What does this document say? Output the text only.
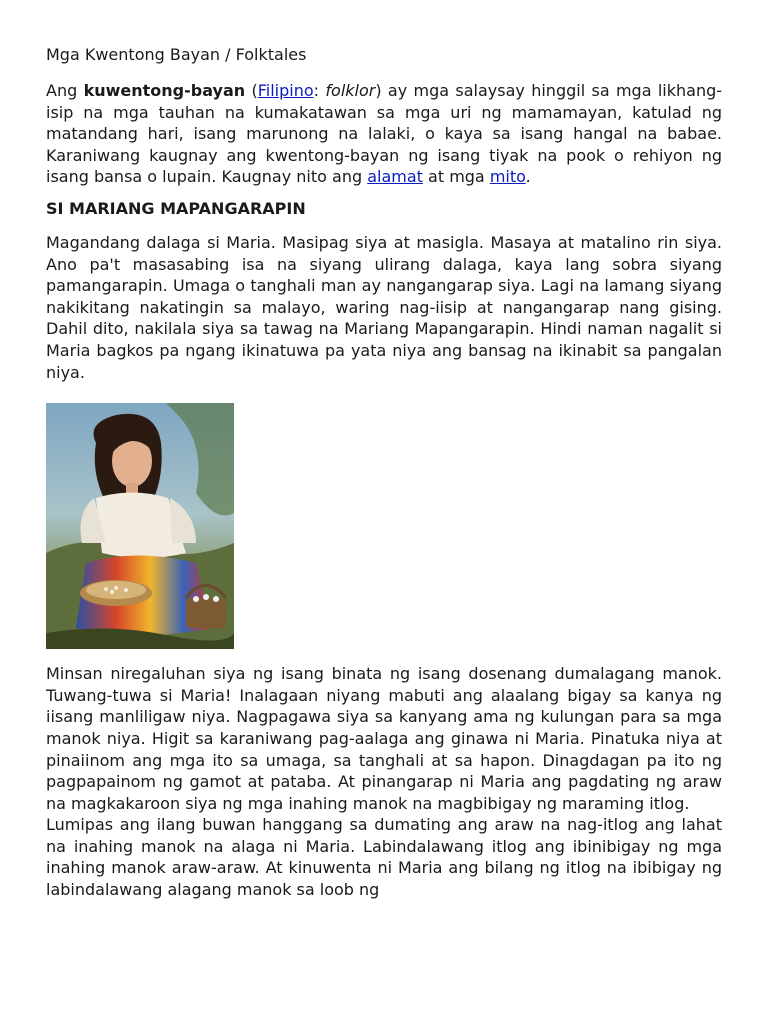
Mga Kwentong Bayan / Folktales

Ang kuwentong-bayan (Filipino: folklor) ay mga salaysay hinggil sa mga likhang-isip na mga tauhan na kumakatawan sa mga uri ng mamamayan, katulad ng matandang hari, isang marunong na lalaki, o kaya sa isang hangal na babae. Karaniwang kaugnay ang kwentong-bayan ng isang tiyak na pook o rehiyon ng isang bansa o lupain. Kaugnay nito ang alamat at mga mito.

SI MARIANG MAPANGARAPIN

Magandang dalaga si Maria. Masipag siya at masigla. Masaya at matalino rin siya. Ano pa't masasabing isa na siyang ulirang dalaga, kaya lang sobra siyang pamangarapin. Umaga o tanghali man ay nangangarap siya. Lagi na lamang siyang nakikitang nakatingin sa malayo, waring nag-iisip at nangangarap nang gising. Dahil dito, nakilala siya sa tawag na Mariang Mapangarapin. Hindi naman nagalit si Maria bagkos pa ngang ikinatuwa pa yata niya ang bansag na ikinabit sa pangalan niya.

Minsan niregaluhan siya ng isang binata ng isang dosenang dumalagang manok. Tuwang-tuwa si Maria! Inalagaan niyang mabuti ang alaalang bigay sa kanya ng iisang manliligaw niya. Nagpagawa siya sa kanyang ama ng kulungan para sa mga manok niya. Higit sa karaniwang pag-aalaga ang ginawa ni Maria. Pinatuka niya at pinaiinom ang mga ito sa umaga, sa tanghali at sa hapon. Dinagdagan pa ito ng pagpapainom ng gamot at pataba. At pinangarap ni Maria ang pagdating ng araw na magkakaroon siya ng mga inahing manok na magbibigay ng maraming itlog.

Lumipas ang ilang buwan hanggang sa dumating ang araw na nag-itlog ang lahat na inahing manok na alaga ni Maria. Labindalawang itlog ang ibinibigay ng mga inahing manok araw-araw. At kinuwenta ni Maria ang bilang ng itlog na ibibigay ng labindalawang alagang manok sa loob ng
